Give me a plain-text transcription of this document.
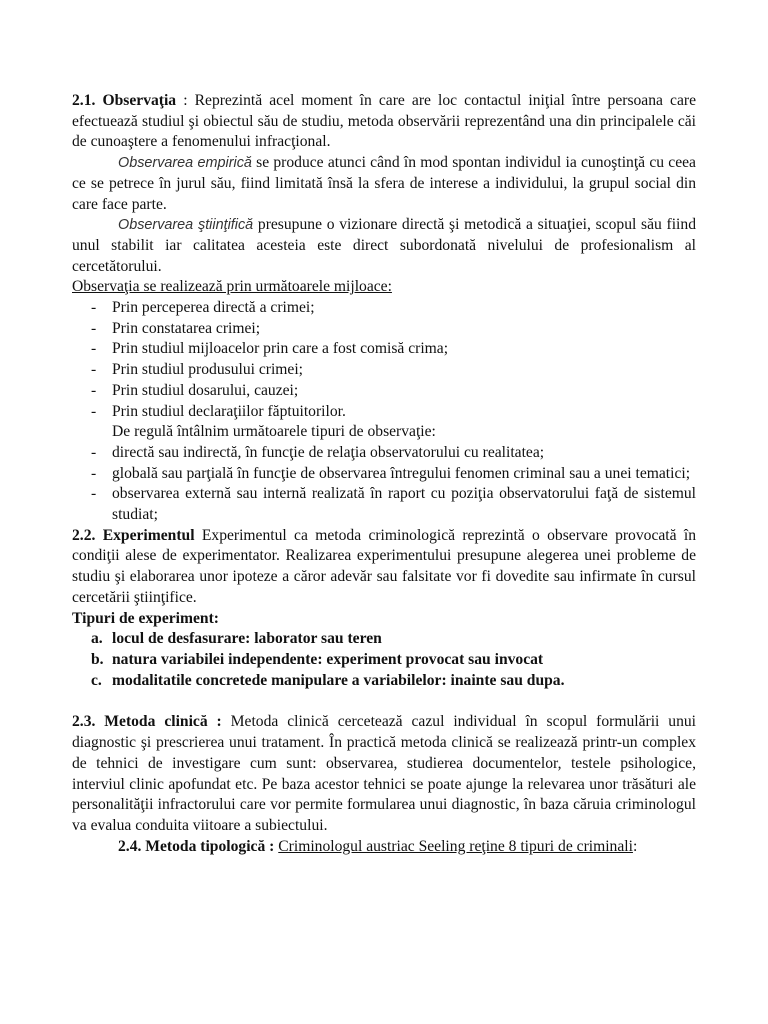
2.1. Observaţia : Reprezintă acel moment în care are loc contactul iniţial între persoana care efectuează studiul şi obiectul său de studiu, metoda observării reprezentând una din principalele căi de cunoaştere a fenomenului infracţional.

Observarea empirică se produce atunci când în mod spontan individul ia cunoştinţă cu ceea ce se petrece în jurul său, fiind limitată însă la sfera de interese a individului, la grupul social din care face parte.

Observarea ştiinţifică presupune o vizionare directă şi metodică a situaţiei, scopul său fiind unul stabilit iar calitatea acesteia este direct subordonată nivelului de profesionalism al cercetătorului.

Observaţia se realizează prin următoarele mijloace:

- Prin perceperea directă a crimei;
- Prin constatarea crimei;
- Prin studiul mijloacelor prin care a fost comisă crima;
- Prin studiul produsului crimei;
- Prin studiul dosarului, cauzei;
- Prin studiul declaraţiilor făptuitorilor.

De regulă întâlnim următoarele tipuri de observaţie:

- directă sau indirectă, în funcţie de relaţia observatorului cu realitatea;
- globală sau parţială în funcţie de observarea întregului fenomen criminal sau a unei tematici;
- observarea externă sau internă realizată în raport cu poziţia observatorului faţă de sistemul studiat;

2.2. Experimentul Experimentul ca metoda criminologică reprezintă o observare provocată în condiţii alese de experimentator. Realizarea experimentului presupune alegerea unei probleme de studiu şi elaborarea unor ipoteze a căror adevăr sau falsitate vor fi dovedite sau infirmate în cursul cercetării ştiinţifice.

Tipuri de experiment:

a. locul de desfasurare: laborator sau teren
b. natura variabilei independente: experiment provocat sau invocat
c. modalitatile concretede manipulare a variabilelor: inainte sau dupa.

2.3. Metoda clinică : Metoda clinică cercetează cazul individual în scopul formulării unui diagnostic şi prescrierea unui tratament. În practică metoda clinică se realizează printr-un complex de tehnici de investigare cum sunt: observarea, studierea documentelor, testele psihologice, interviul clinic apofundat etc. Pe baza acestor tehnici se poate ajunge la relevarea unor trăsături ale personalităţii infractorului care vor permite formularea unui diagnostic, în baza căruia criminologul va evalua conduita viitoare a subiectului.

2.4. Metoda tipologică : Criminologul austriac Seeling reţine 8 tipuri de criminali:
